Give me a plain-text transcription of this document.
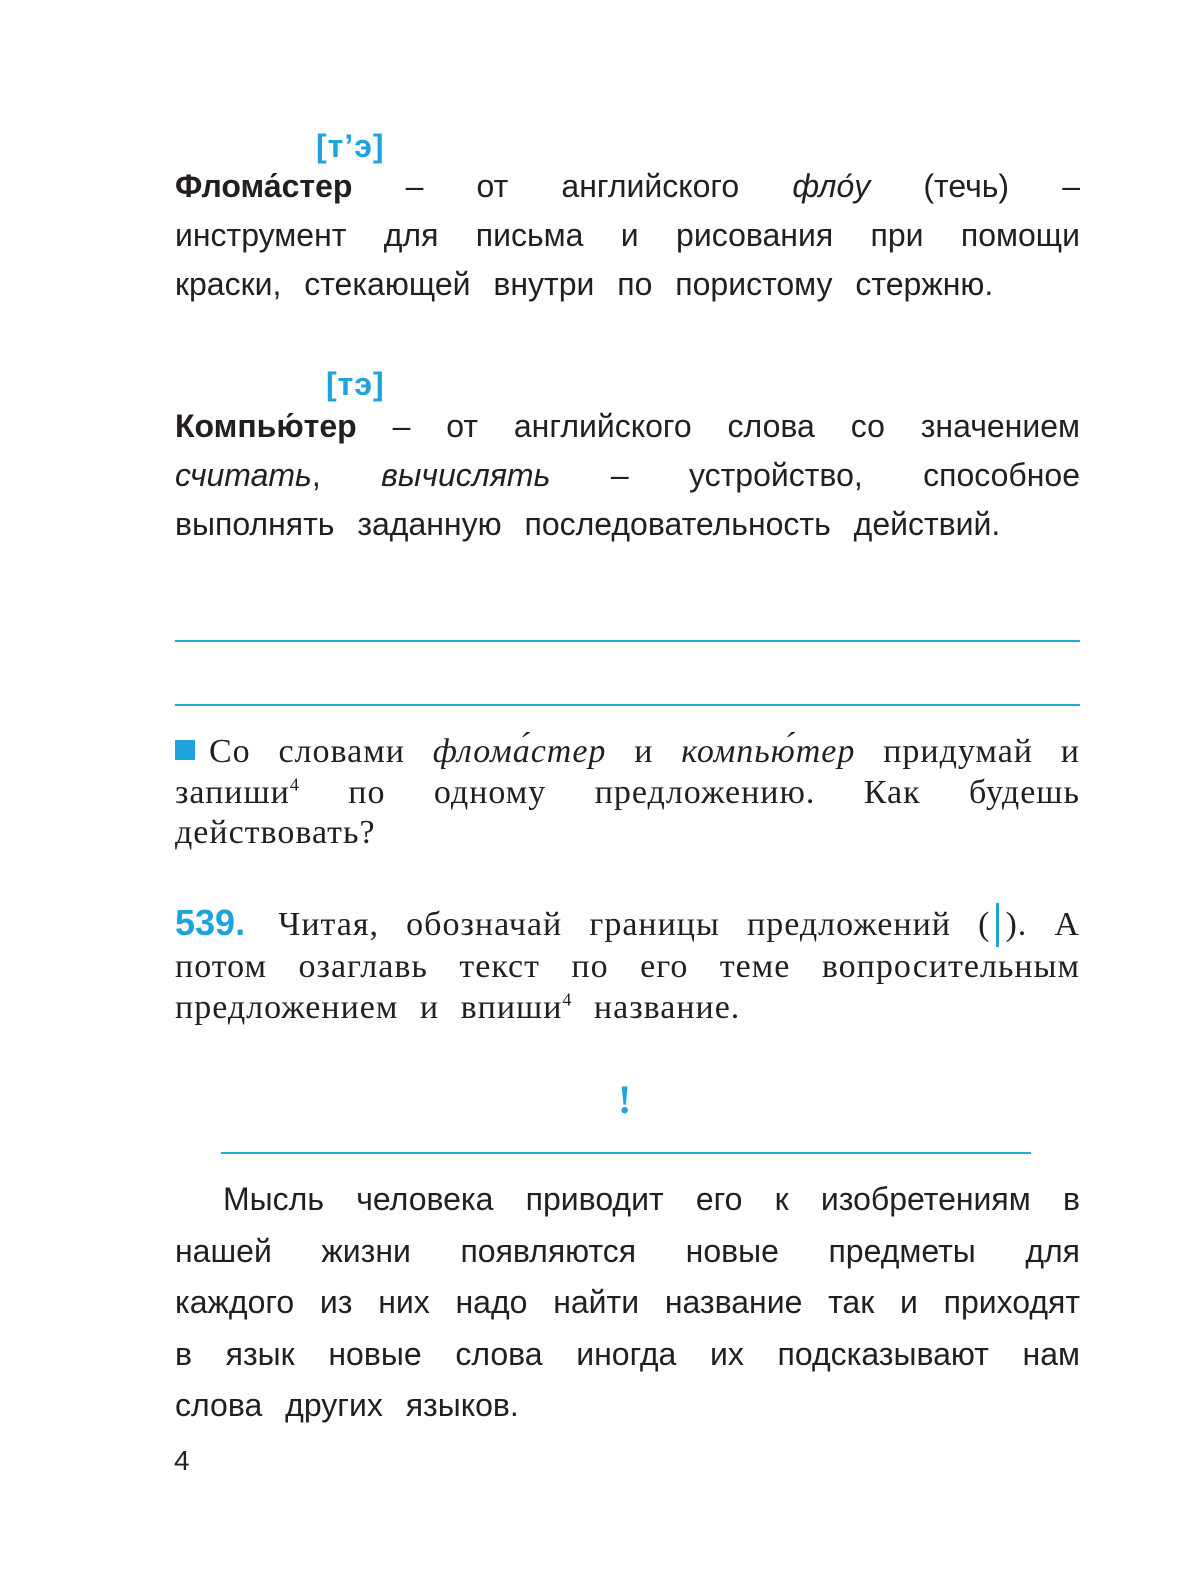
[т’э]
Флома́стер – от английского фло́у (течь) – инструмент для письма и рисования при помощи краски, стекающей внутри по пористому стержню.
[тэ]
Компью́тер – от английского слова со значением считать, вычислять – устройство, способное выполнять заданную последовательность действий.
Со словами флома́стер и компью́тер придумай и запиши$^4$ по одному предложению. Как будешь действовать?
539. Читая, обозначай границы предложений ( ). А потом озаглавь текст по его теме вопросительным предложением и впиши$^4$ название.
!
Мысль человека приводит его к изобретениям в нашей жизни появляются новые предметы для каждого из них надо найти название так и приходят в язык новые слова иногда их подсказывают нам слова других языков.
4
